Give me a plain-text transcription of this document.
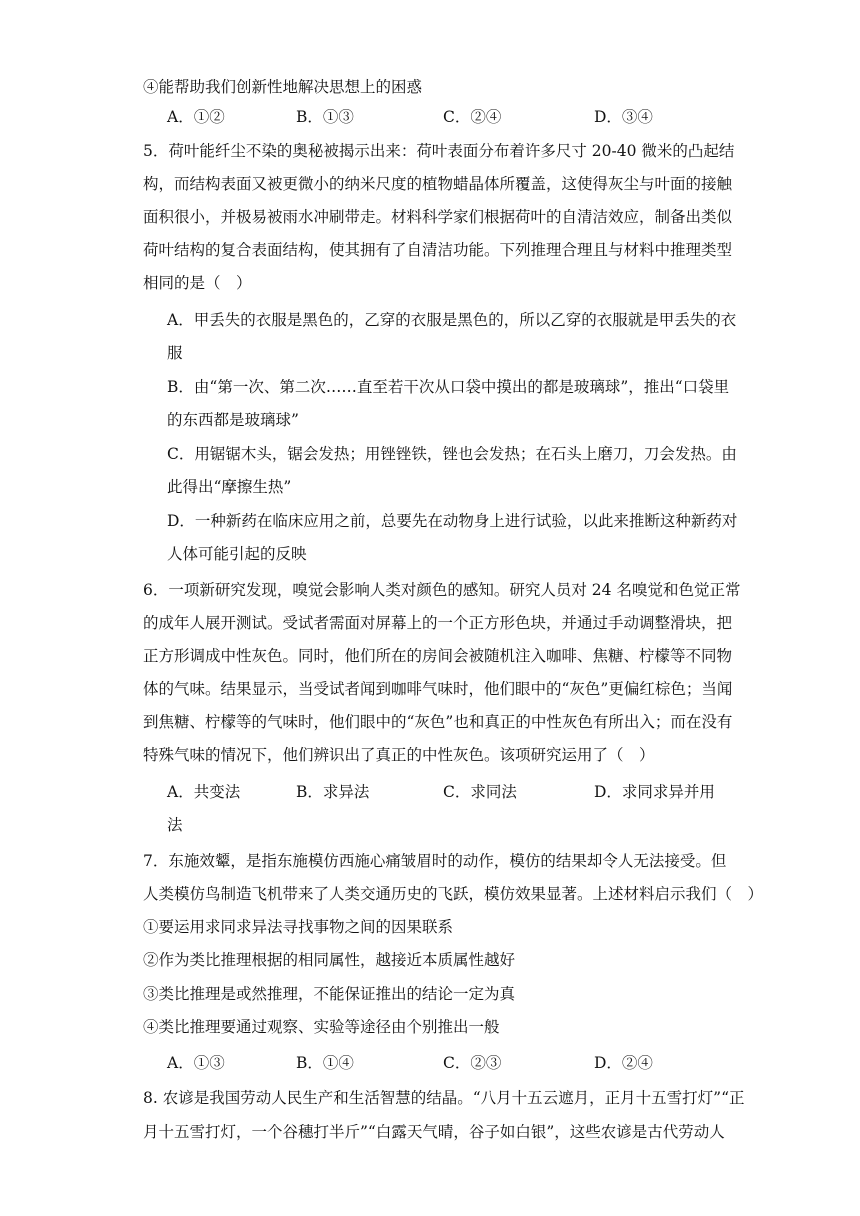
④能帮助我们创新性地解决思想上的困惑
A．①②	B．①③	C．②④	D．③④
5．荷叶能纤尘不染的奥秘被揭示出来：荷叶表面分布着许多尺寸 20-40 微米的凸起结
构，而结构表面又被更微小的纳米尺度的植物蜡晶体所覆盖，这使得灰尘与叶面的接触
面积很小，并极易被雨水冲刷带走。材料科学家们根据荷叶的自清洁效应，制备出类似
荷叶结构的复合表面结构，使其拥有了自清洁功能。下列推理合理且与材料中推理类型
相同的是（　）
A．甲丢失的衣服是黑色的，乙穿的衣服是黑色的，所以乙穿的衣服就是甲丢失的衣
服
B．由“第一次、第二次……直至若干次从口袋中摸出的都是玻璃球”，推出“口袋里
的东西都是玻璃球”
C．用锯锯木头，锯会发热；用锉锉铁，锉也会发热；在石头上磨刀，刀会发热。由
此得出“摩擦生热”
D．一种新药在临床应用之前，总要先在动物身上进行试验，以此来推断这种新药对
人体可能引起的反映
6．一项新研究发现，嗅觉会影响人类对颜色的感知。研究人员对 24 名嗅觉和色觉正常
的成年人展开测试。受试者需面对屏幕上的一个正方形色块，并通过手动调整滑块，把
正方形调成中性灰色。同时，他们所在的房间会被随机注入咖啡、焦糖、柠檬等不同物
体的气味。结果显示，当受试者闻到咖啡气味时，他们眼中的“灰色”更偏红棕色；当闻
到焦糖、柠檬等的气味时，他们眼中的“灰色”也和真正的中性灰色有所出入；而在没有
特殊气味的情况下，他们辨识出了真正的中性灰色。该项研究运用了（　）
A．共变法	B．求异法	C．求同法	D．求同求异并用
法
7．东施效颦，是指东施模仿西施心痛皱眉时的动作，模仿的结果却令人无法接受。但
人类模仿鸟制造飞机带来了人类交通历史的飞跃，模仿效果显著。上述材料启示我们（　）
①要运用求同求异法寻找事物之间的因果联系
②作为类比推理根据的相同属性，越接近本质属性越好
③类比推理是或然推理，不能保证推出的结论一定为真
④类比推理要通过观察、实验等途径由个别推出一般
A．①③	B．①④	C．②③	D．②④
8. 农谚是我国劳动人民生产和生活智慧的结晶。“八月十五云遮月，正月十五雪打灯”“正
月十五雪打灯，一个谷穗打半斤”“白露天气晴，谷子如白银”，这些农谚是古代劳动人
